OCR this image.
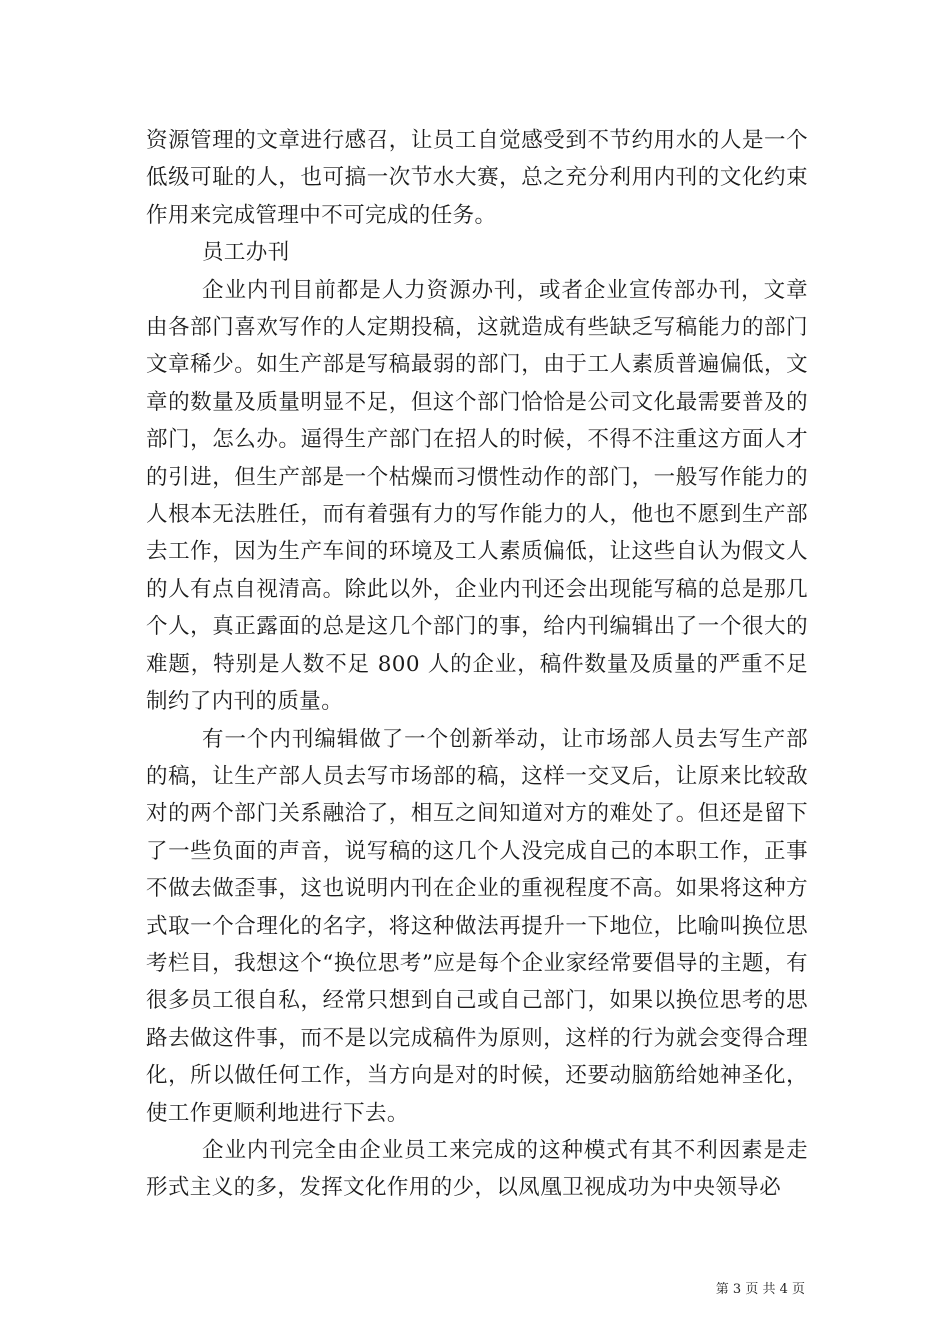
资源管理的文章进行感召，让员工自觉感受到不节约用水的人是一个低级可耻的人，也可搞一次节水大赛，总之充分利用内刊的文化约束作用来完成管理中不可完成的任务。

员工办刊

企业内刊目前都是人力资源办刊，或者企业宣传部办刊，文章由各部门喜欢写作的人定期投稿，这就造成有些缺乏写稿能力的部门文章稀少。如生产部是写稿最弱的部门，由于工人素质普遍偏低，文章的数量及质量明显不足，但这个部门恰恰是公司文化最需要普及的部门，怎么办。逼得生产部门在招人的时候，不得不注重这方面人才的引进，但生产部是一个枯燥而习惯性动作的部门，一般写作能力的人根本无法胜任，而有着强有力的写作能力的人，他也不愿到生产部去工作，因为生产车间的环境及工人素质偏低，让这些自认为假文人的人有点自视清高。除此以外，企业内刊还会出现能写稿的总是那几个人，真正露面的总是这几个部门的事，给内刊编辑出了一个很大的难题，特别是人数不足 800 人的企业，稿件数量及质量的严重不足制约了内刊的质量。

有一个内刊编辑做了一个创新举动，让市场部人员去写生产部的稿，让生产部人员去写市场部的稿，这样一交叉后，让原来比较敌对的两个部门关系融洽了，相互之间知道对方的难处了。但还是留下了一些负面的声音，说写稿的这几个人没完成自己的本职工作，正事不做去做歪事，这也说明内刊在企业的重视程度不高。如果将这种方式取一个合理化的名字，将这种做法再提升一下地位，比喻叫换位思考栏目，我想这个“换位思考”应是每个企业家经常要倡导的主题，有很多员工很自私，经常只想到自己或自己部门，如果以换位思考的思路去做这件事，而不是以完成稿件为原则，这样的行为就会变得合理化，所以做任何工作，当方向是对的时候，还要动脑筋给她神圣化，使工作更顺利地进行下去。

企业内刊完全由企业员工来完成的这种模式有其不利因素是走形式主义的多，发挥文化作用的少，以凤凰卫视成功为中央领导必

第 3 页 共 4 页
